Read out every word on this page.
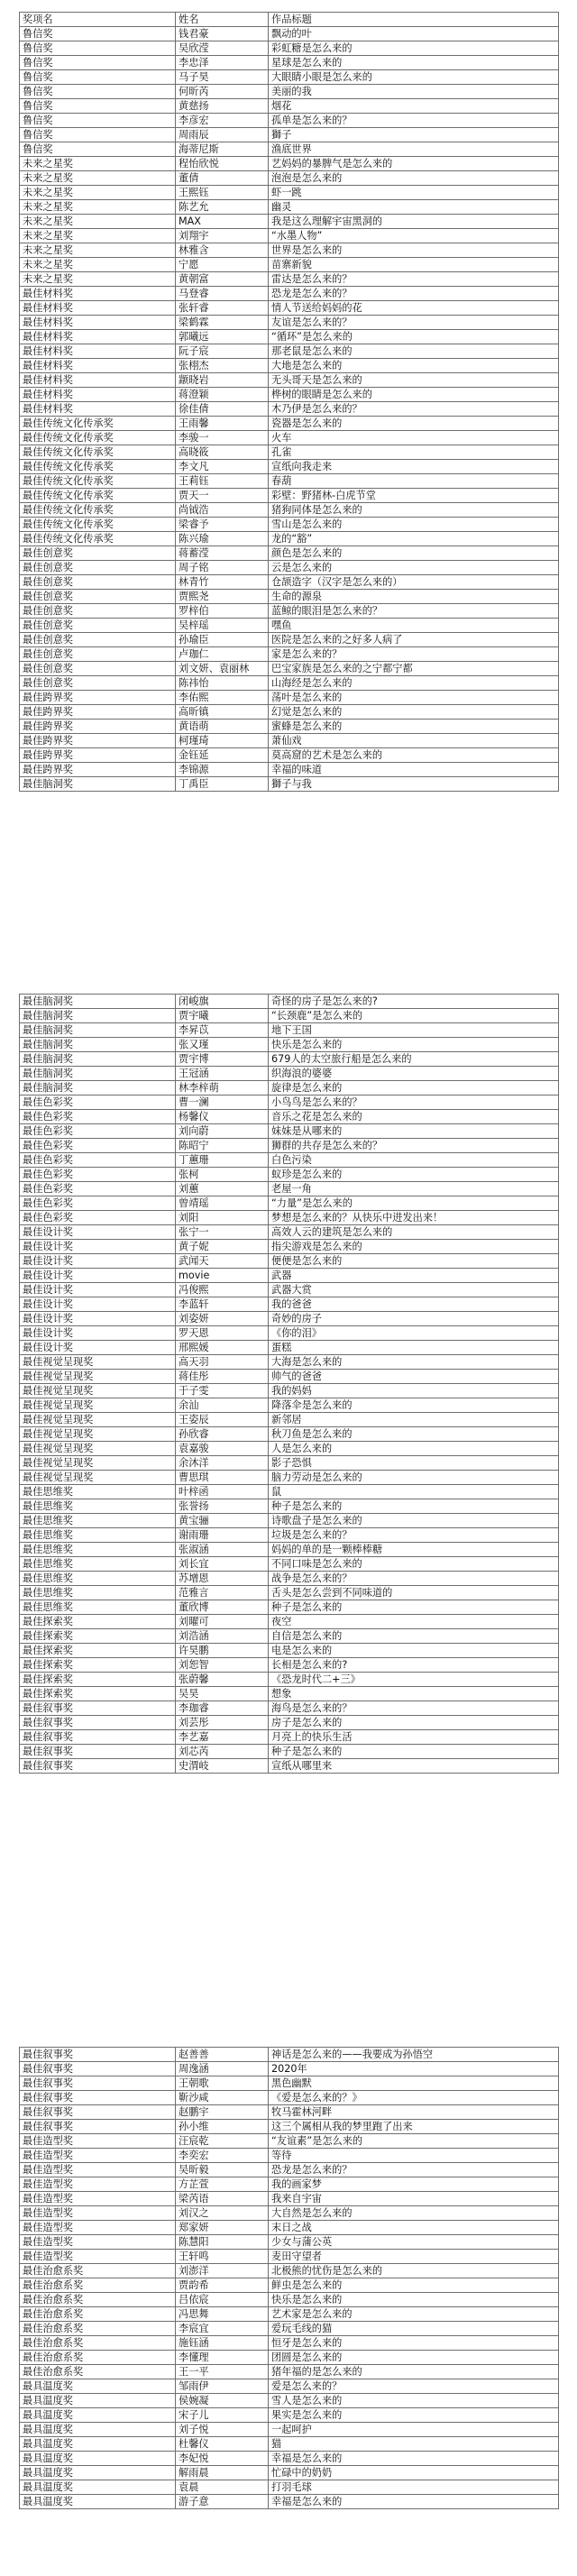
奖项名	姓名	作品标题
鲁信奖	钱君豪	飘动的叶
鲁信奖	吴欣滢	彩虹糖是怎么来的
鲁信奖	李忠泽	星球是怎么来的
鲁信奖	马子昊	大眼睛小眼是怎么来的
鲁信奖	何昕芮	美丽的我
鲁信奖	黄慈扬	烟花
鲁信奖	李彦宏	孤单是怎么来的？
鲁信奖	周雨辰	獅子
鲁信奖	海蒂尼斯	渔底世界
未来之星奖	程怡欣悦	艺妈妈的暴脾气是怎么来的
未来之星奖	董倩	泡泡是怎么来的
未来之星奖	王熙钰	虾一跳
未来之星奖	陈艺允	幽灵
未来之星奖	MAX	我是这么理解宇宙黑洞的
未来之星奖	刘翔宇	“水墨人物”
未来之星奖	林雅含	世界是怎么来的
未来之星奖	宁愿	苗寨新貌
未来之星奖	黄朝富	雷达是怎么来的？
最佳材料奖	马登睿	恐龙是怎么来的？
最佳材料奖	张轩睿	情人节送给妈妈的花
最佳材料奖	梁鹤霖	友谊是怎么来的？
最佳材料奖	郭曦远	“循环”是怎么来的
最佳材料奖	阮子宸	那老鼠是怎么来的
最佳材料奖	张栩杰	大地是怎么来的
最佳材料奖	颛晓岩	无头哥天是怎么来的
最佳材料奖	蒋澄颖	桦树的眼睛是怎么来的
最佳材料奖	徐佳倩	木乃伊是怎么来的？
最佳传统文化传承奖	王雨馨	瓷器是怎么来的
最佳传统文化传承奖	李骏一	火车
最佳传统文化传承奖	高晓筱	孔雀
最佳传统文化传承奖	李文凡	宣纸向我走来
最佳传统文化传承奖	王莉钰	春葫
最佳传统文化传承奖	贾天一	彩壁：野猪林-白虎节堂
最佳传统文化传承奖	尚钺浩	猪狗同体是怎么来的
最佳传统文化传承奖	梁睿予	雪山是怎么来的
最佳传统文化传承奖	陈兴瑜	龙的“豁”
最佳创意奖	蒋蓄滢	颜色是怎么来的
最佳创意奖	周子铭	云是怎么来的
最佳创意奖	林青竹	仓颉造字（汉字是怎么来的）
最佳创意奖	贾熙尧	生命的源泉
最佳创意奖	罗梓伯	蓝鲸的眼泪是怎么来的？
最佳创意奖	吴梓瑶	嘿鱼
最佳创意奖	孙瑜臣	医院是怎么来的之好多人病了
最佳创意奖	卢珈仁	家是怎么来的？
最佳创意奖	刘文妍、袁丽林	巴宝家族是怎么来的之宁都宁都
最佳创意奖	陈祎怡	山海经是怎么来的
最佳跨界奖	李佑熙	荡叶是怎么来的
最佳跨界奖	高昕镇	幻觉是怎么来的
最佳跨界奖	黄语萌	蜜蜂是怎么来的
最佳跨界奖	柯瑾琦	萧仙戏
最佳跨界奖	金钰延	莫高窟的艺术是怎么来的
最佳跨界奖	李锦源	幸福的味道
最佳脑洞奖	丁禹臣	獅子与我
最佳脑洞奖	闭峻旗	奇怪的房子是怎么来的?
最佳脑洞奖	贾宇曦	“长颈鹿”是怎么来的
最佳脑洞奖	李昇苡	地下王国
最佳脑洞奖	张又瑾	快乐是怎么来的
最佳脑洞奖	贾宇博	679人的太空旅行船是怎么来的
最佳脑洞奖	王冠涵	织海浪的婆婆
最佳脑洞奖	林李梓萌	旋律是怎么来的
最佳色彩奖	曹一澜	小鸟鸟是怎么来的？
最佳色彩奖	杨馨仪	音乐之花是怎么来的
最佳色彩奖	刘向蔚	妹妹是从哪来的
最佳色彩奖	陈昭宁	狮群的共存是怎么来的？
最佳色彩奖	丁蕙珊	白色污染
最佳色彩奖	张柯	蚁珍是怎么来的
最佳色彩奖	刘蕙	老屋一角
最佳色彩奖	曾靖瑶	“力量”是怎么来的
最佳色彩奖	刘阳	梦想是怎么来的？从快乐中进发出来！
最佳设计奖	张宁一	高效人云的建筑是怎么来的
最佳设计奖	黄子妮	指尖游戏是怎么来的
最佳设计奖	武闻天	便便是怎么来的
最佳设计奖	movie	武器
最佳设计奖	冯俊熙	武器大赏
最佳设计奖	李蓝轩	我的爸爸
最佳设计奖	刘姿妍	奇妙的房子
最佳设计奖	罗天恩	《你的泪》
最佳设计奖	邢熙媛	蛋糕
最佳视觉呈现奖	高天羽	大海是怎么来的
最佳视觉呈现奖	蒋佳彤	帅气的爸爸
最佳视觉呈现奖	于子雯	我的妈妈
最佳视觉呈现奖	余汕	降落伞是怎么来的
最佳视觉呈现奖	王姿辰	新邻居
最佳视觉呈现奖	孙欣睿	秋刀鱼是怎么来的
最佳视觉呈现奖	袁嘉骏	人是怎么来的
最佳视觉呈现奖	余沐洋	影子恐惧
最佳视觉呈现奖	曹思琪	脑力劳动是怎么来的
最佳思维奖	叶梓函	鼠
最佳思维奖	张誉扬	种子是怎么来的
最佳思维奖	黄宝骊	诗歌盘子是怎么来的
最佳思维奖	谢雨珊	垃圾是怎么来的？
最佳思维奖	张淑涵	妈妈的单的是一颗棒棒糖
最佳思维奖	刘长宜	不同口味是怎么来的
最佳思维奖	苏增恩	战争是怎么来的？
最佳思维奖	范雅言	舌头是怎么尝到不同味道的
最佳思维奖	董欣博	种子是怎么来的
最佳探索奖	刘曜可	夜空
最佳探索奖	刘浩涵	自信是怎么来的
最佳探索奖	许昊鹏	电是怎么来的
最佳探索奖	刘恕智	长相是怎么来的?
最佳探索奖	张蔚馨	《恐龙时代二+三》
最佳探索奖	吴昊	想象
最佳叙事奖	李珈睿	海鸟是怎么来的？
最佳叙事奖	刘芸彤	房子是怎么来的
最佳叙事奖	李艺嘉	月亮上的快乐生活
最佳叙事奖	刘芯芮	种子是怎么来的
最佳叙事奖	史渭岐	宣纸从哪里来
最佳叙事奖	赵善善	神话是怎么来的——我要成为孙悟空
最佳叙事奖	周逸涵	2020年
最佳叙事奖	王朝歌	黑色幽默
最佳叙事奖	靳沙咸	《爱是怎么来的？》
最佳叙事奖	赵鹏宇	牧马霍林河畔
最佳叙事奖	孙小维	这三个属相从我的梦里跑了出来
最佳造型奖	汪宸乾	“友谊素”是怎么来的
最佳造型奖	李奕宏	等待
最佳造型奖	吴昕毅	恐龙是怎么来的？
最佳造型奖	方芷萱	我的画家梦
最佳造型奖	梁芮语	我来自宇宙
最佳造型奖	刘汉之	大自然是怎么来的
最佳造型奖	郑家妍	末日之战
最佳造型奖	陈慧阳	少女与蒲公英
最佳造型奖	王轩鸣	麦田守望者
最佳治愈系奖	刘澎洋	北极熊的忧伤是怎么来的
最佳治愈系奖	贾韵希	鲜虫是怎么来的
最佳治愈系奖	吕依宸	快乐是怎么来的
最佳治愈系奖	冯思舞	艺术家是怎么来的
最佳治愈系奖	李宸宜	爱玩毛线的猫
最佳治愈系奖	施钰涵	恒牙是怎么来的
最佳治愈系奖	李懂理	团圆是怎么来的
最佳治愈系奖	王一平	猪年福的是怎么来的
最具温度奖	邹雨伊	爱是怎么来的？
最具温度奖	侯婉凝	雪人是怎么来的
最具温度奖	宋子儿	果实是怎么来的
最具温度奖	刘子悦	一起呵护
最具温度奖	杜馨仪	猫
最具温度奖	李妃悦	幸福是怎么来的
最具温度奖	解雨晨	忙碌中的奶奶
最具温度奖	袁晨	打羽毛球
最具温度奖	游子意	幸福是怎么来的
